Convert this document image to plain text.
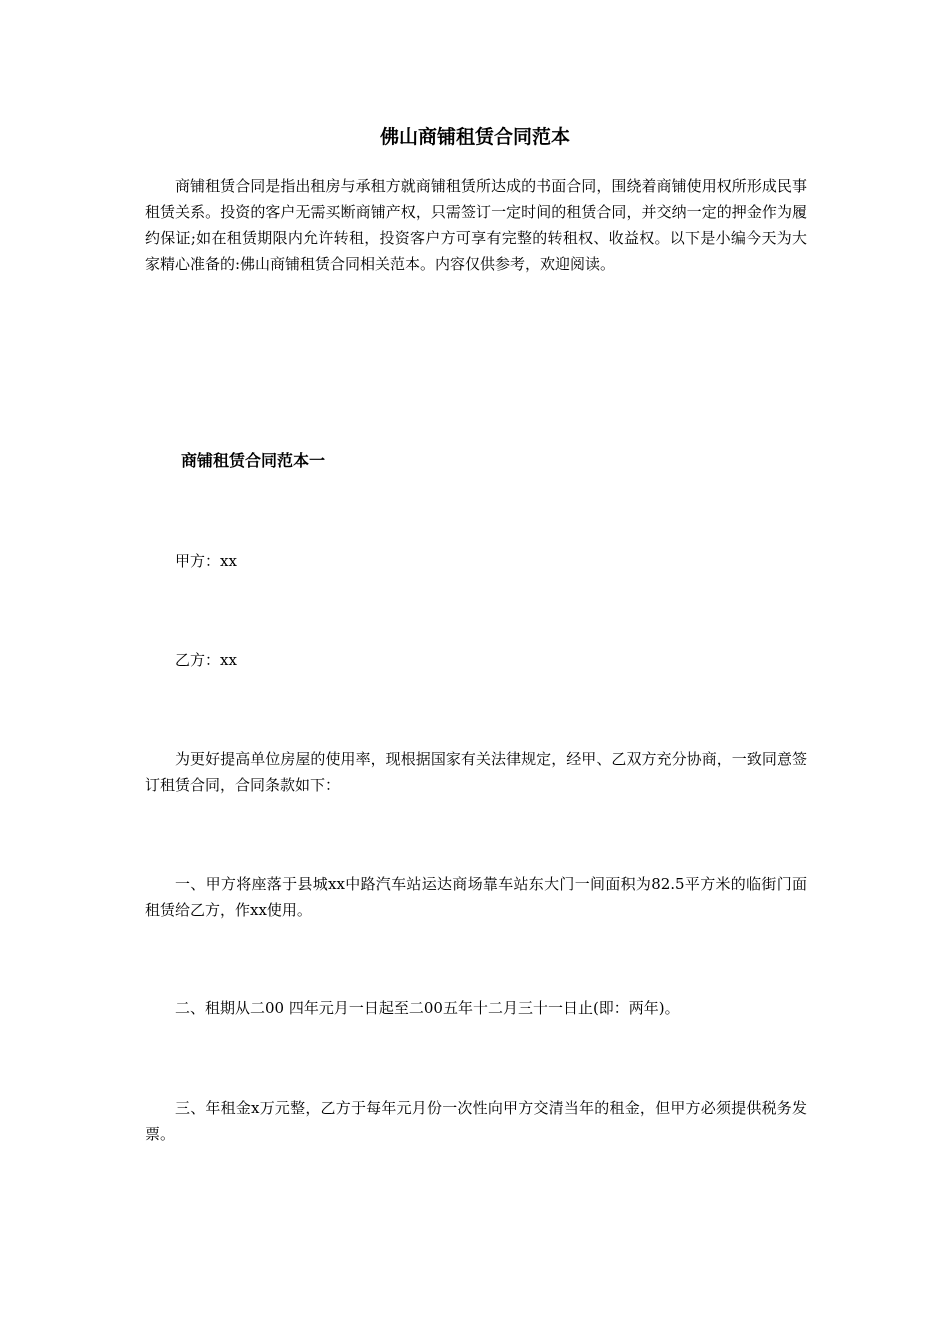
佛山商铺租赁合同范本

商铺租赁合同是指出租房与承租方就商铺租赁所达成的书面合同，围绕着商铺使用权所形成民事租赁关系。投资的客户无需买断商铺产权，只需签订一定时间的租赁合同，并交纳一定的押金作为履约保证;如在租赁期限内允许转租，投资客户方可享有完整的转租权、收益权。以下是小编今天为大家精心准备的:佛山商铺租赁合同相关范本。内容仅供参考，欢迎阅读。

商铺租赁合同范本一

甲方：xx

乙方：xx

为更好提高单位房屋的使用率，现根据国家有关法律规定，经甲、乙双方充分协商，一致同意签订租赁合同，合同条款如下：

一、甲方将座落于县城xx中路汽车站运达商场靠车站东大门一间面积为82.5平方米的临街门面租赁给乙方，作xx使用。

二、租期从二00 四年元月一日起至二00五年十二月三十一日止(即：两年)。

三、年租金x万元整，乙方于每年元月份一次性向甲方交清当年的租金，但甲方必须提供税务发票。
